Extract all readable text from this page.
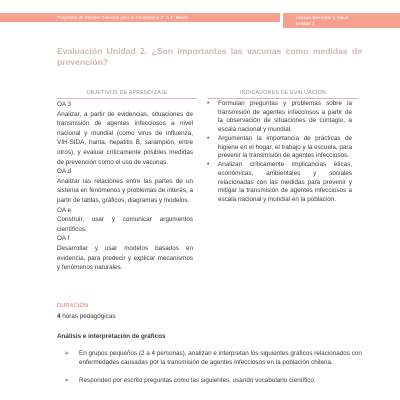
Programa de Estudio Ciencias para la Ciudadanía 3° o 4° Medio	Módulo Bienestar y Salud
Unidad 2
Evaluación Unidad 2. ¿Son importantes las vacunas como medidas de prevención?
OBJETIVOS DE APRENDIZAJE	INDICADORES DE EVALUACIÓN

OA 3

Analizar, a partir de evidencias, situaciones de transmisión de agentes infecciosos a nivel nacional y mundial (como virus de influenza, VIH-SIDA, hanta, hepatitis B, sarampión, entre otros), y evaluar críticamente posibles medidas de prevención como el uso de vacunas.

OA d

Analizar las relaciones entre las partes de un sistema en fenómenos y problemas de interés, a partir de tablas, gráficos, diagramas y modelos.

OA e

Construir, usar y comunicar argumentos científicos.

OA f

Desarrollar y usar modelos basados en evidencia, para predecir y explicar mecanismos y fenómenos naturales.

• Formulan preguntas y problemas sobre la transmisión de agentes infecciosos a partir de la observación de situaciones de contagio, a escala nacional y mundial.
• Argumentan la importancia de prácticas de higiene en el hogar, el trabajo y la escuela, para prevenir la transmisión de agentes infecciosos.
• Analizan críticamente implicancias éticas, económicas, ambientales y sociales relacionadas con las medidas para prevenir y mitigar la transmisión de agentes infecciosos a escala nacional y mundial en la población.
DURACIÓN
4 horas pedagógicas
Análisis e interpretación de gráficos
➢ En grupos pequeños (2 a 4 personas), analizan e interpretan los siguientes gráficos relacionados con enfermedades causadas por la transmisión de agentes infecciosos en la población chilena.
➢ Responden por escrito preguntas como las siguientes, usando vocabulario científico.
